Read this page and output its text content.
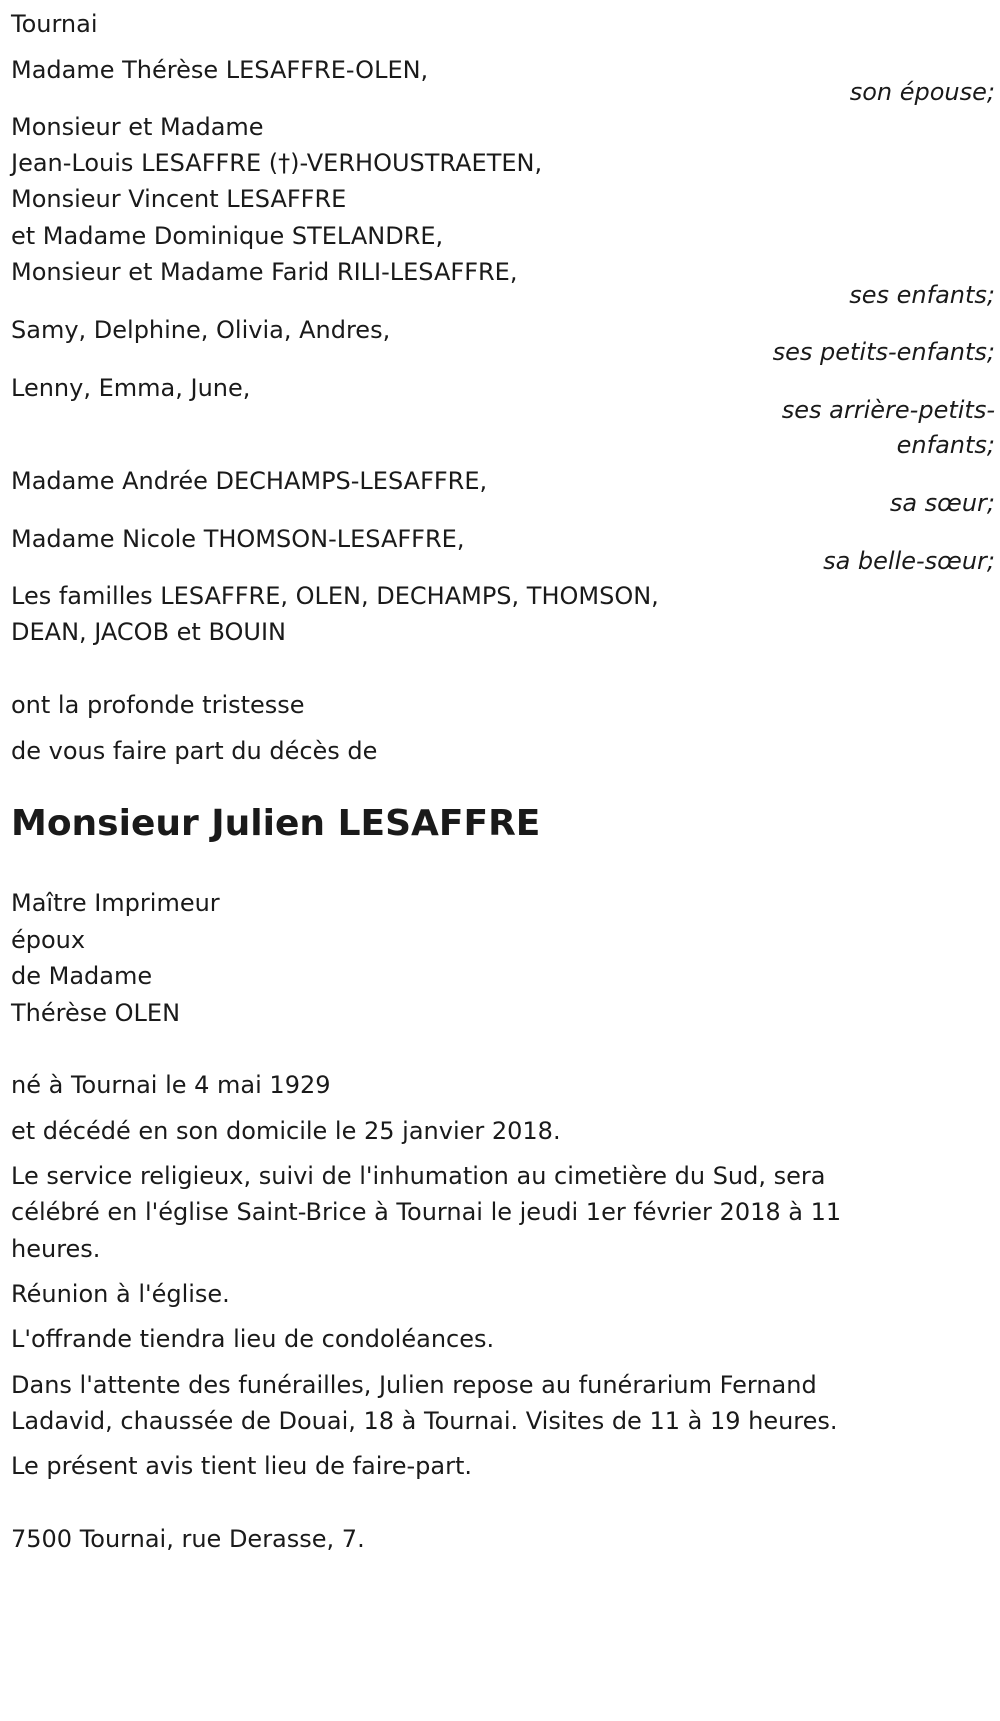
Tournai
Madame Thérèse LESAFFRE-OLEN,
son épouse;
Monsieur et Madame
Jean-Louis LESAFFRE (†)-VERHOUSTRAETEN,
Monsieur Vincent LESAFFRE
et Madame Dominique STELANDRE,
Monsieur et Madame Farid RILI-LESAFFRE,
ses enfants;
Samy, Delphine, Olivia, Andres,
ses petits-enfants;
Lenny, Emma, June,
ses arrière-petits-
enfants;
Madame Andrée DECHAMPS-LESAFFRE,
sa sœur;
Madame Nicole THOMSON-LESAFFRE,
sa belle-sœur;
Les familles LESAFFRE, OLEN, DECHAMPS, THOMSON,
DEAN, JACOB et BOUIN
ont la profonde tristesse
de vous faire part du décès de
Monsieur Julien LESAFFRE
Maître Imprimeur
époux
de Madame
Thérèse OLEN
né à Tournai le 4 mai 1929
et décédé en son domicile le 25 janvier 2018.
Le service religieux, suivi de l'inhumation au cimetière du Sud, sera
célébré en l'église Saint-Brice à Tournai le jeudi 1er février 2018 à 11
heures.
Réunion à l'église.
L'offrande tiendra lieu de condoléances.
Dans l'attente des funérailles, Julien repose au funérarium Fernand
Ladavid, chaussée de Douai, 18 à Tournai. Visites de 11 à 19 heures.
Le présent avis tient lieu de faire-part.
7500 Tournai, rue Derasse, 7.
